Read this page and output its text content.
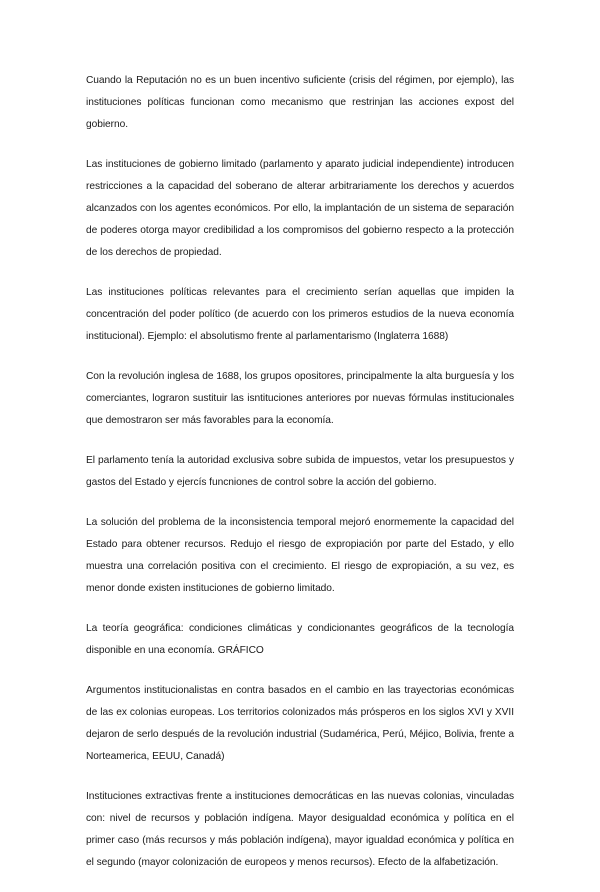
Cuando la Reputación no es un buen incentivo suficiente (crisis del régimen, por ejemplo), las instituciones políticas funcionan como mecanismo que restrinjan las acciones expost del gobierno.

Las instituciones de gobierno limitado (parlamento y aparato judicial independiente) introducen restricciones a la capacidad del soberano de alterar arbitrariamente los derechos y acuerdos alcanzados con los agentes económicos. Por ello, la implantación de un sistema de separación de poderes otorga mayor credibilidad a los compromisos del gobierno respecto a la protección de los derechos de propiedad.

Las instituciones políticas relevantes para el crecimiento serían aquellas que impiden la concentración del poder político (de acuerdo con los primeros estudios de la nueva economía institucional). Ejemplo: el absolutismo frente al parlamentarismo (Inglaterra 1688)

Con la revolución inglesa de 1688, los grupos opositores, principalmente la alta burguesía y los comerciantes, lograron sustituir las isntituciones anteriores por nuevas fórmulas institucionales que demostraron ser más favorables para la economía.

El parlamento tenía la autoridad exclusiva sobre subida de impuestos, vetar los presupuestos y gastos del Estado y ejercís funcniones de control sobre la acción del gobierno.

La solución del problema de la inconsistencia temporal mejoró enormemente la capacidad del Estado para obtener recursos. Redujo el riesgo de expropiación por parte del Estado, y ello muestra una correlación positiva con el crecimiento. El riesgo de expropiación, a su vez, es menor donde existen instituciones de gobierno limitado.

La teoría geográfica: condiciones climáticas y condicionantes geográficos de la tecnología disponible en una economía. GRÁFICO

Argumentos institucionalistas en contra basados en el cambio en las trayectorias económicas de las ex colonias europeas. Los territorios colonizados más prósperos en los siglos XVI y XVII dejaron de serlo después de la revolución industrial (Sudamérica, Perú, Méjico, Bolivia, frente a Norteamerica, EEUU, Canadá)

Instituciones extractivas frente a instituciones democráticas en las nuevas colonias, vinculadas con: nivel de recursos y población indígena. Mayor desigualdad económica y política en el primer caso (más recursos y más población indígena), mayor igualdad económica y política en el segundo (mayor colonización de europeos y menos recursos). Efecto de la alfabetización.
